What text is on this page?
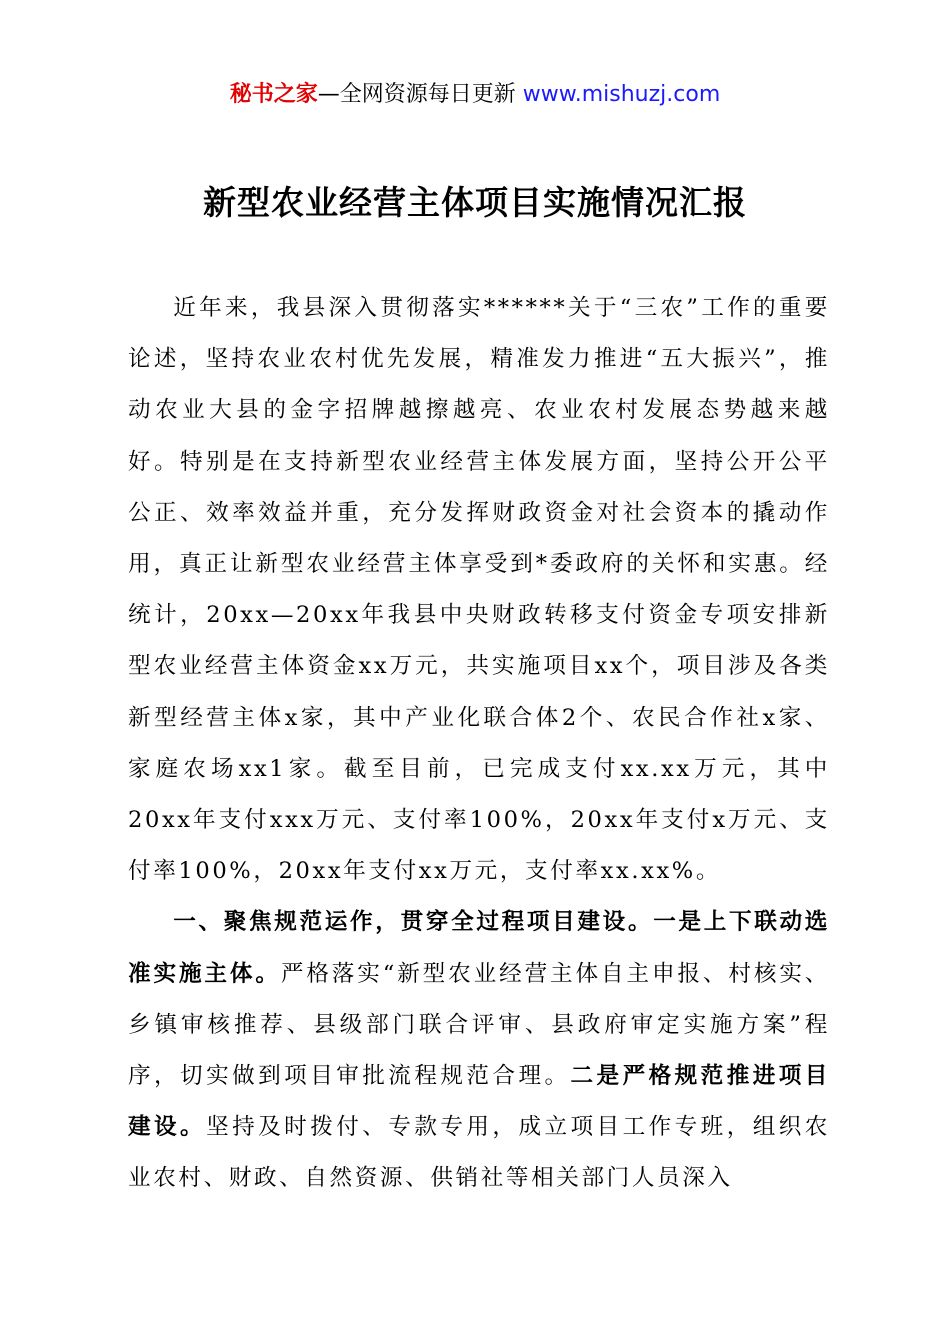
秘书之家—全网资源每日更新 www.mishuzj.com
新型农业经营主体项目实施情况汇报

近年来，我县深入贯彻落实******关于“三农”工作的重要论述，坚持农业农村优先发展，精准发力推进“五大振兴”，推动农业大县的金字招牌越擦越亮、农业农村发展态势越来越好。特别是在支持新型农业经营主体发展方面，坚持公开公平公正、效率效益并重，充分发挥财政资金对社会资本的撬动作用，真正让新型农业经营主体享受到*委政府的关怀和实惠。经统计，20xx—20xx年我县中央财政转移支付资金专项安排新型农业经营主体资金xx万元，共实施项目xx个，项目涉及各类新型经营主体x家，其中产业化联合体2个、农民合作社x家、家庭农场xx1家。截至目前，已完成支付xx.xx万元，其中20xx年支付xxx万元、支付率100%，20xx年支付x万元、支付率100%，20xx年支付xx万元，支付率xx.xx%。

一、聚焦规范运作，贯穿全过程项目建设。一是上下联动选准实施主体。严格落实“新型农业经营主体自主申报、村核实、乡镇审核推荐、县级部门联合评审、县政府审定实施方案”程序，切实做到项目审批流程规范合理。二是严格规范推进项目建设。坚持及时拨付、专款专用，成立项目工作专班，组织农业农村、财政、自然资源、供销社等相关部门人员深入
